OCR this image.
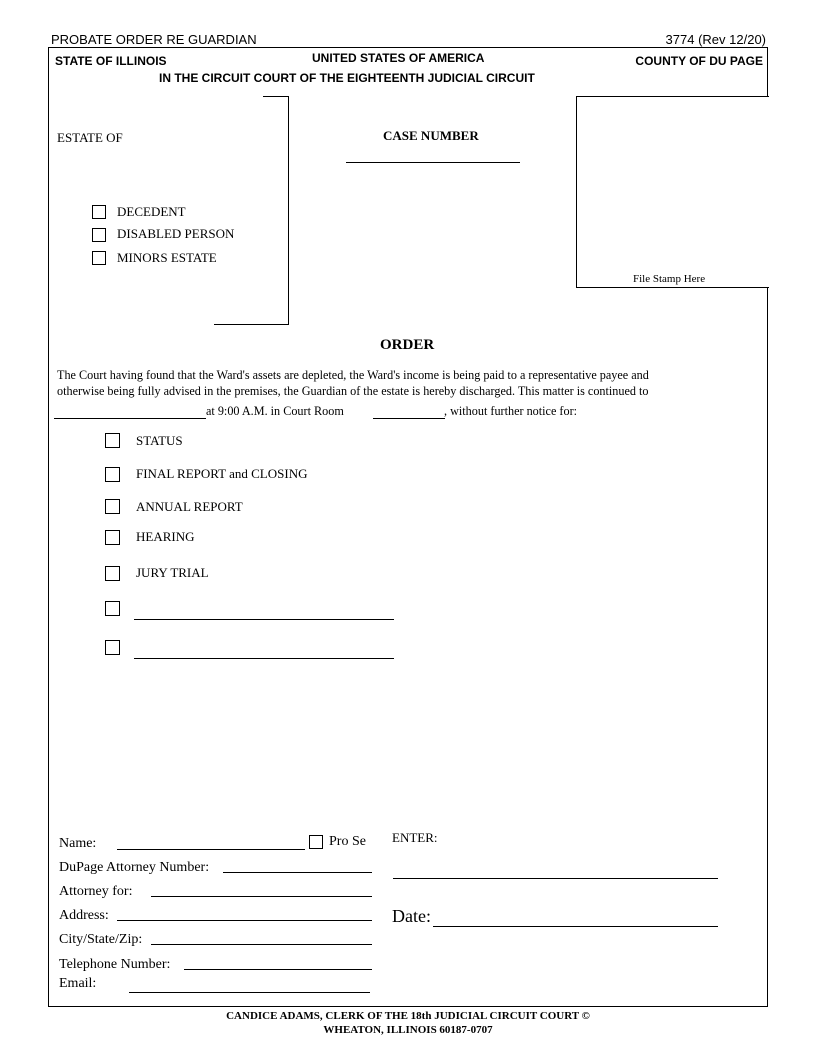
PROBATE ORDER RE GUARDIAN	3774 (Rev 12/20)
STATE OF ILLINOIS	UNITED STATES OF AMERICA	COUNTY OF DU PAGE
IN THE CIRCUIT COURT OF THE EIGHTEENTH JUDICIAL CIRCUIT
ESTATE OF
DECEDENT
DISABLED PERSON
MINORS ESTATE
CASE NUMBER
File Stamp Here
ORDER
The Court having found that the Ward's assets are depleted, the Ward's income is being paid to a representative payee and
otherwise being fully advised in the premises, the Guardian of the estate is hereby discharged. This matter is continued to
at 9:00 A.M. in Court Room	, without further notice for:
STATUS
FINAL REPORT and CLOSING
ANNUAL REPORT
HEARING
JURY TRIAL
Name:	Pro Se
DuPage Attorney Number:
Attorney for:
Address:
City/State/Zip:
Telephone Number:
Email:
ENTER:
Date:
CANDICE ADAMS, CLERK OF THE 18th JUDICIAL CIRCUIT COURT ©
WHEATON, ILLINOIS 60187-0707
